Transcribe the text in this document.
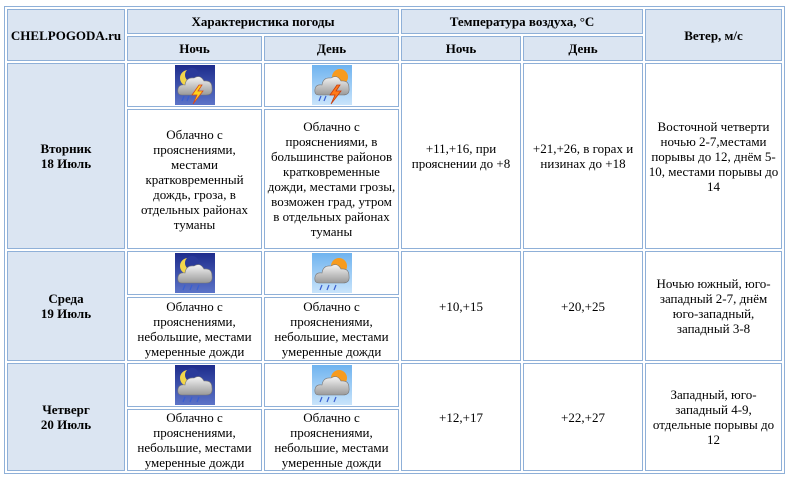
CHELPOGODA.ru	Характеристика погоды		Температура воздуха, °С		Ветер, м/с
	Ночь	День	Ночь	День	

Вторник
18 Июль			+11,+16, при прояснении до +8	+21,+26, в горах и низинах до +18	Восточной четверти ночью 2-7,местами порывы до 12, днём 5-10, местами порывы до 14

	Облачно с прояснениями, местами кратковременный дождь, гроза, в отдельных районах туманы	Облачно с прояснениями, в большинстве районов кратковременные дожди, местами грозы, возможен град, утром в отдельных районах туманы			

Среда
19 Июль			+10,+15	+20,+25	Ночью южный, юго-западный 2-7, днём юго-западный, западный 3-8

	Облачно с прояснениями, небольшие, местами умеренные дожди	Облачно с прояснениями, небольшие, местами умеренные дожди			

Четверг
20 Июль			+12,+17	+22,+27	Западный, юго-западный 4-9, отдельные порывы до 12

	Облачно с прояснениями, небольшие, местами умеренные дожди	Облачно с прояснениями, небольшие, местами умеренные дожди			
